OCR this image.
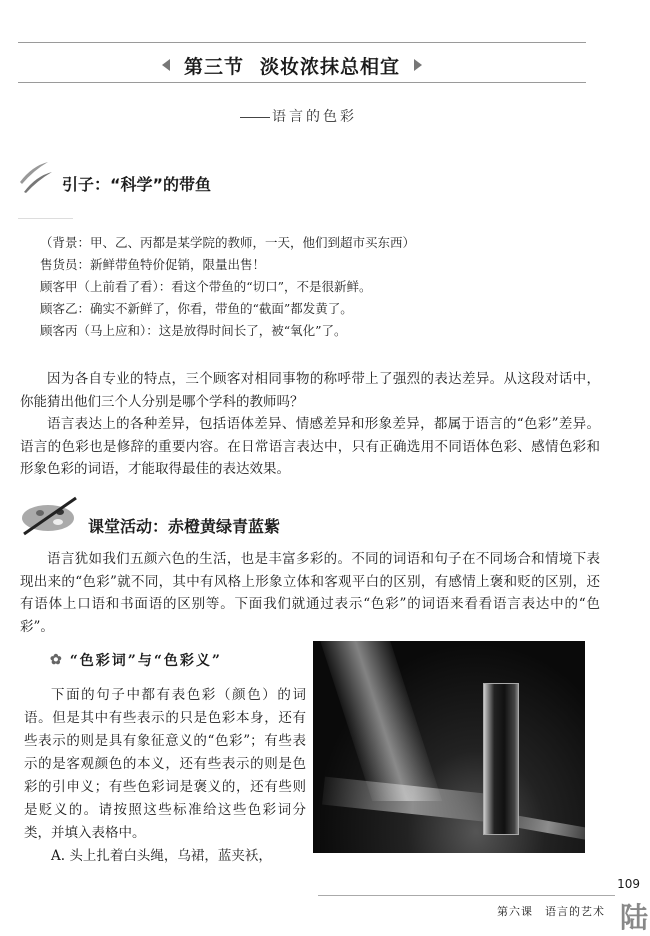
第三节 淡妆浓抹总相宜
语言的色彩
引子：“科学”的带鱼
（背景：甲、乙、丙都是某学院的教师，一天，他们到超市买东西）
售货员：新鲜带鱼特价促销，限量出售！
顾客甲（上前看了看）：看这个带鱼的“切口”，不是很新鲜。
顾客乙：确实不新鲜了，你看，带鱼的“截面”都发黄了。
顾客丙（马上应和）：这是放得时间长了，被“氧化”了。

因为各自专业的特点，三个顾客对相同事物的称呼带上了强烈的表达差异。从这段对话中，你能猜出他们三个人分别是哪个学科的教师吗？

语言表达上的各种差异，包括语体差异、情感差异和形象差异，都属于语言的“色彩”差异。语言的色彩也是修辞的重要内容。在日常语言表达中，只有正确选用不同语体色彩、感情色彩和形象色彩的词语，才能取得最佳的表达效果。

课堂活动：赤橙黄绿青蓝紫

语言犹如我们五颜六色的生活，也是丰富多彩的。不同的词语和句子在不同场合和情境下表现出来的“色彩”就不同，其中有风格上形象立体和客观平白的区别，有感情上褒和贬的区别，还有语体上口语和书面语的区别等。下面我们就通过表示“色彩”的词语来看看语言表达中的“色彩”。

✿ “色彩词”与“色彩义”

下面的句子中都有表色彩（颜色）的词语。但是其中有些表示的只是色彩本身，还有些表示的则是具有象征意义的“色彩”；有些表示的是客观颜色的本义，还有些表示的则是色彩的引申义；有些色彩词是褒义的，还有些则是贬义的。请按照这些标准给这些色彩词分类，并填入表格中。

A. 头上扎着白头绳，乌裙，蓝夹袄，

109
第六课　语言的艺术 陆
